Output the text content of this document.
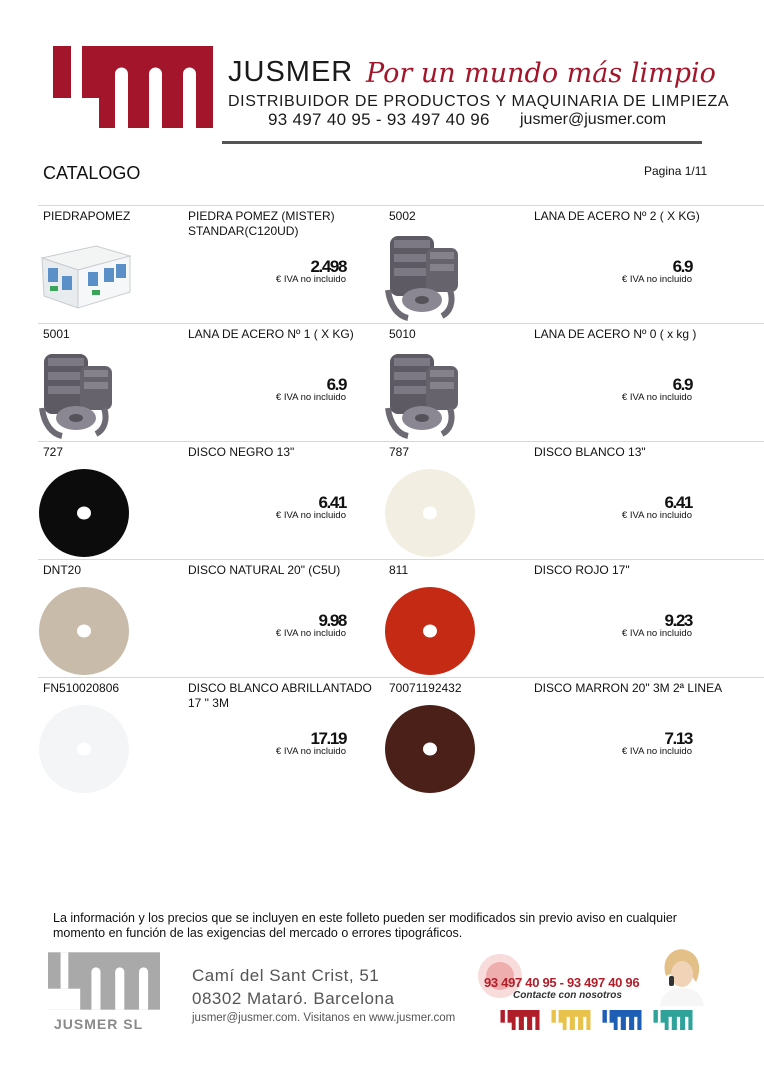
JUSMER Por un mundo más limpio
DISTRIBUIDOR DE PRODUCTOS Y MAQUINARIA DE LIMPIEZA
93 497 40 95 - 93 497 40 96 jusmer@jusmer.com
CATALOGO	Pagina 1/11
PIEDRAPOMEZ	PIEDRA POMEZ (MISTER) STANDAR(C120UD)
2.498
€ IVA no incluido
5002	LANA DE ACERO Nº 2 ( X KG)
6.9
€ IVA no incluido
5001	LANA DE ACERO Nº 1 ( X KG)
6.9
€ IVA no incluido
5010	LANA DE ACERO Nº 0 ( x kg )
6.9
€ IVA no incluido
727	DISCO NEGRO 13"
6.41
€ IVA no incluido
787	DISCO BLANCO 13"
6.41
€ IVA no incluido
DNT20	DISCO NATURAL 20" (C5U)
9.98
€ IVA no incluido
811	DISCO ROJO 17"
9.23
€ IVA no incluido
FN510020806	DISCO BLANCO ABRILLANTADO 17 " 3M
17.19
€ IVA no incluido
70071192432	DISCO MARRON 20" 3M 2ª LINEA
7.13
€ IVA no incluido
La información y los precios que se incluyen en este folleto pueden ser modificados sin previo aviso en cualquier momento en función de las exigencias del mercado o errores tipográficos.
JUSMER SL
Camí del Sant Crist, 51
08302 Mataró. Barcelona
jusmer@jusmer.com. Visitanos en www.jusmer.com
93 497 40 95 - 93 497 40 96
Contacte con nosotros
